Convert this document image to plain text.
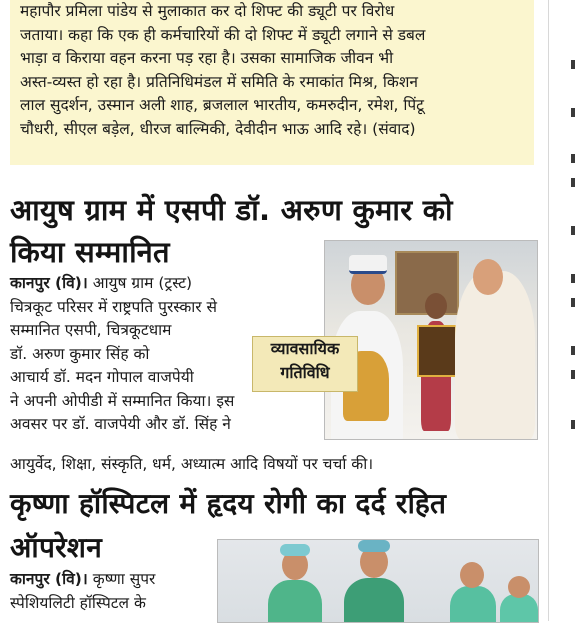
महापौर प्रमिला पांडेय से मुलाकात कर दो शिफ्ट की ड्यूटी पर विरोध
जताया। कहा कि एक ही कर्मचारियों की दो शिफ्ट में ड्यूटी लगाने से डबल
भाड़ा व किराया वहन करना पड़ रहा है। उसका सामाजिक जीवन भी
अस्त-व्यस्त हो रहा है। प्रतिनिधिमंडल में समिति के रमाकांत मिश्र, किशन
लाल सुदर्शन, उस्मान अली शाह, ब्रजलाल भारतीय, कमरुदीन, रमेश, पिंटू
चौधरी, सीएल बड़ेल, धीरज बाल्मिकी, देवीदीन भाऊ आदि रहे। (संवाद)
आयुष ग्राम में एसपी डॉ. अरुण कुमार को
किया सम्मानित
कानपुर (वि)। आयुष ग्राम (ट्रस्ट)
चित्रकूट परिसर में राष्ट्रपति पुरस्कार से
सम्मानित एसपी, चित्रकूटधाम
डॉ. अरुण कुमार सिंह को
आचार्य डॉ. मदन गोपाल वाजपेयी
ने अपनी ओपीडी में सम्मानित किया। इस
अवसर पर डॉ. वाजपेयी और डॉ. सिंह ने
आयुर्वेद, शिक्षा, संस्कृति, धर्म, अध्यात्म आदि विषयों पर चर्चा की।
व्यावसायिक
गतिविधि
कृष्णा हॉस्पिटल में हृदय रोगी का दर्द रहित
ऑपरेशन
कानपुर (वि)। कृष्णा सुपर
स्पेशियलिटी हॉस्पिटल के
